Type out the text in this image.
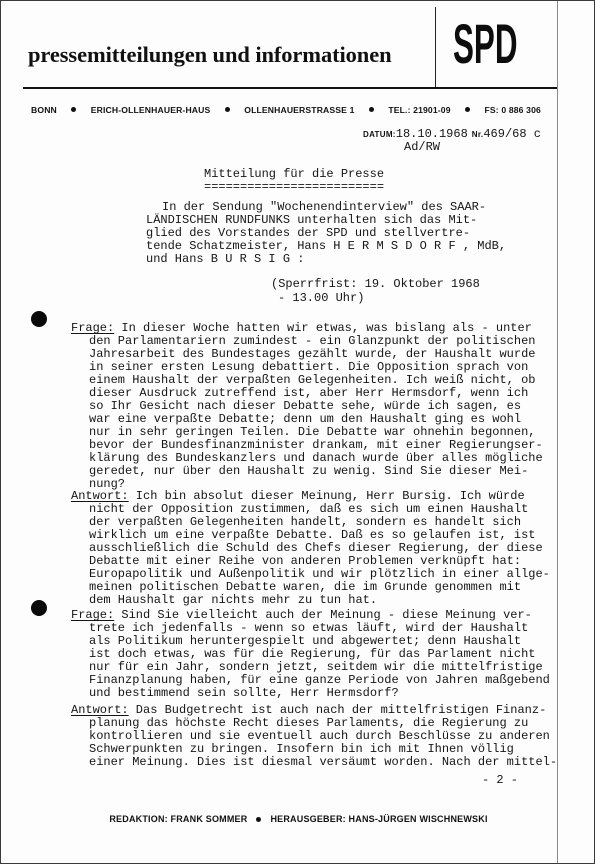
pressemitteilungen und informationen SPD
BONN	ERICH-OLLENHAUER-HAUS	OLLENHAUERSTRASSE 1	TEL.: 21901-09	FS: 0 886 306
DATUM: 18.10.1968 Nr. 469/68 c
Ad/RW
Mitteilung für die Presse
=========================
In der Sendung "Wochenendinterview" des SAAR-
LÄNDISCHEN RUNDFUNKS unterhalten sich das Mit-
glied des Vorstandes der SPD und stellvertre-
tende Schatzmeister, Hans H E R M S D O R F , MdB,
und Hans B U R S I G :
(Sperrfrist: 19. Oktober 1968
- 13.00 Uhr)
Frage: In dieser Woche hatten wir etwas, was bislang als - unter
den Parlamentariern zumindest - ein Glanzpunkt der politischen
Jahresarbeit des Bundestages gezählt wurde, der Haushalt wurde
in seiner ersten Lesung debattiert. Die Opposition sprach von
einem Haushalt der verpaßten Gelegenheiten. Ich weiß nicht, ob
dieser Ausdruck zutreffend ist, aber Herr Hermsdorf, wenn ich
so Ihr Gesicht nach dieser Debatte sehe, würde ich sagen, es
war eine verpaßte Debatte; denn um den Haushalt ging es wohl
nur in sehr geringen Teilen. Die Debatte war ohnehin begonnen,
bevor der Bundesfinanzminister drankam, mit einer Regierungser-
klärung des Bundeskanzlers und danach wurde über alles mögliche
geredet, nur über den Haushalt zu wenig. Sind Sie dieser Mei-
nung?
Antwort: Ich bin absolut dieser Meinung, Herr Bursig. Ich würde
nicht der Opposition zustimmen, daß es sich um einen Haushalt
der verpaßten Gelegenheiten handelt, sondern es handelt sich
wirklich um eine verpaßte Debatte. Daß es so gelaufen ist, ist
ausschließlich die Schuld des Chefs dieser Regierung, der diese
Debatte mit einer Reihe von anderen Problemen verknüpft hat:
Europapolitik und Außenpolitik und wir plötzlich in einer allge-
meinen politischen Debatte waren, die im Grunde genommen mit
dem Haushalt gar nichts mehr zu tun hat.
Frage: Sind Sie vielleicht auch der Meinung - diese Meinung ver-
trete ich jedenfalls - wenn so etwas läuft, wird der Haushalt
als Politikum heruntergespielt und abgewertet; denn Haushalt
ist doch etwas, was für die Regierung, für das Parlament nicht
nur für ein Jahr, sondern jetzt, seitdem wir die mittelfristige
Finanzplanung haben, für eine ganze Periode von Jahren maßgebend
und bestimmend sein sollte, Herr Hermsdorf?
Antwort: Das Budgetrecht ist auch nach der mittelfristigen Finanz-
planung das höchste Recht dieses Parlaments, die Regierung zu
kontrollieren und sie eventuell auch durch Beschlüsse zu anderen
Schwerpunkten zu bringen. Insofern bin ich mit Ihnen völlig
einer Meinung. Dies ist diesmal versäumt worden. Nach der mittel-
- 2 -
REDAKTION: FRANK SOMMER	HERAUSGEBER: HANS-JÜRGEN WISCHNEWSKI
